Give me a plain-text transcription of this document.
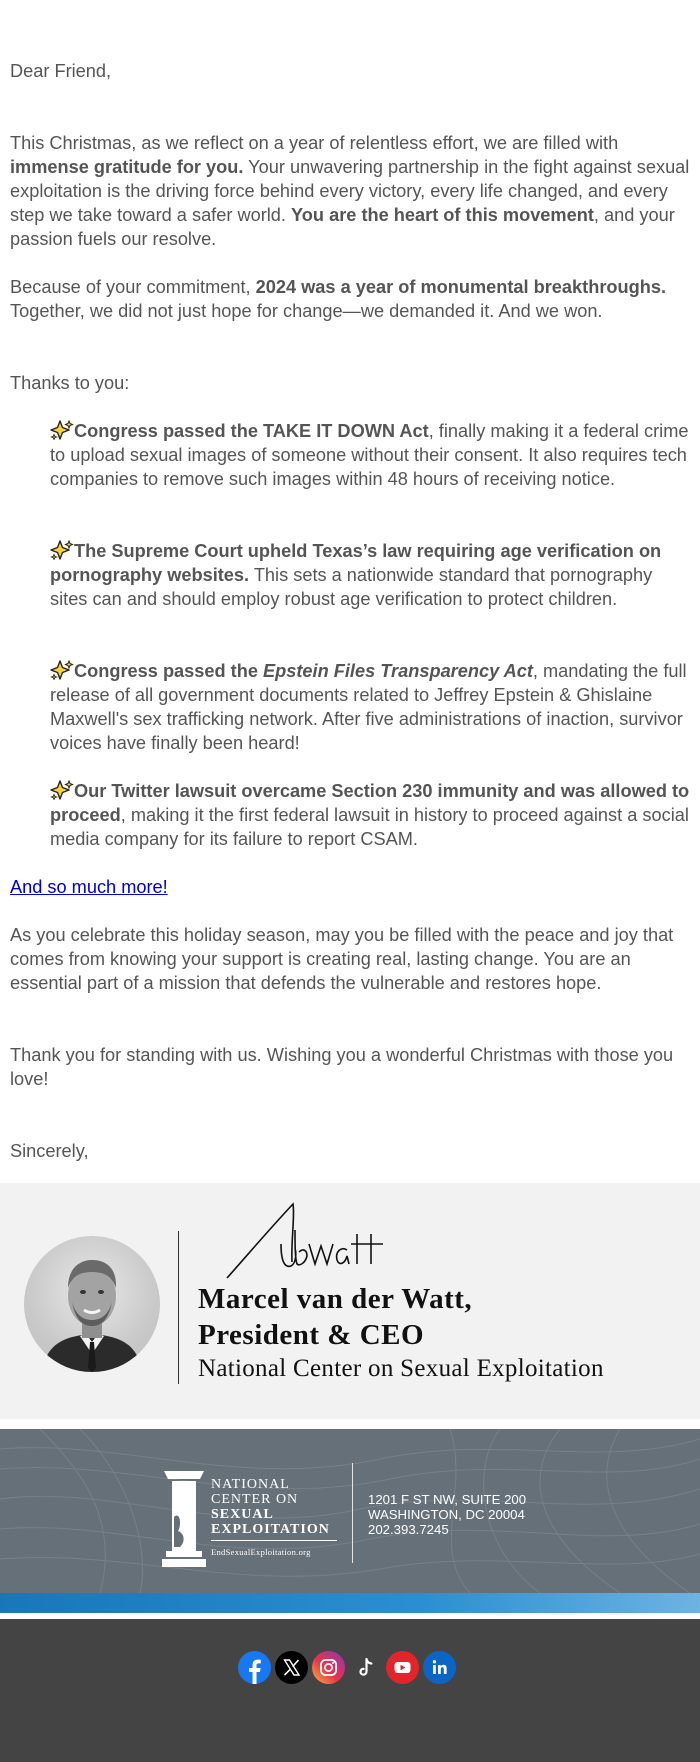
Dear Friend,

This Christmas, as we reflect on a year of relentless effort, we are filled with immense gratitude for you. Your unwavering partnership in the fight against sexual exploitation is the driving force behind every victory, every life changed, and every step we take toward a safer world. You are the heart of this movement, and your passion fuels our resolve.

Because of your commitment, 2024 was a year of monumental breakthroughs. Together, we did not just hope for change—we demanded it. And we won.

Thanks to you:

Congress passed the TAKE IT DOWN Act, finally making it a federal crime to upload sexual images of someone without their consent. It also requires tech companies to remove such images within 48 hours of receiving notice.

The Supreme Court upheld Texas’s law requiring age verification on pornography websites. This sets a nationwide standard that pornography sites can and should employ robust age verification to protect children.

Congress passed the Epstein Files Transparency Act, mandating the full release of all government documents related to Jeffrey Epstein & Ghislaine Maxwell's sex trafficking network. After five administrations of inaction, survivor voices have finally been heard!

Our Twitter lawsuit overcame Section 230 immunity and was allowed to proceed, making it the first federal lawsuit in history to proceed against a social media company for its failure to report CSAM.

And so much more!

As you celebrate this holiday season, may you be filled with the peace and joy that comes from knowing your support is creating real, lasting change. You are an essential part of a mission that defends the vulnerable and restores hope.

Thank you for standing with us. Wishing you a wonderful Christmas with those you love!

Sincerely,

Marcel van der Watt,
President & CEO
National Center on Sexual Exploitation
NATIONAL
CENTER ON
SEXUAL
EXPLOITATION
EndSexualExploitation.org
1201 F ST NW, SUITE 200
WASHINGTON, DC 20004
202.393.7245
